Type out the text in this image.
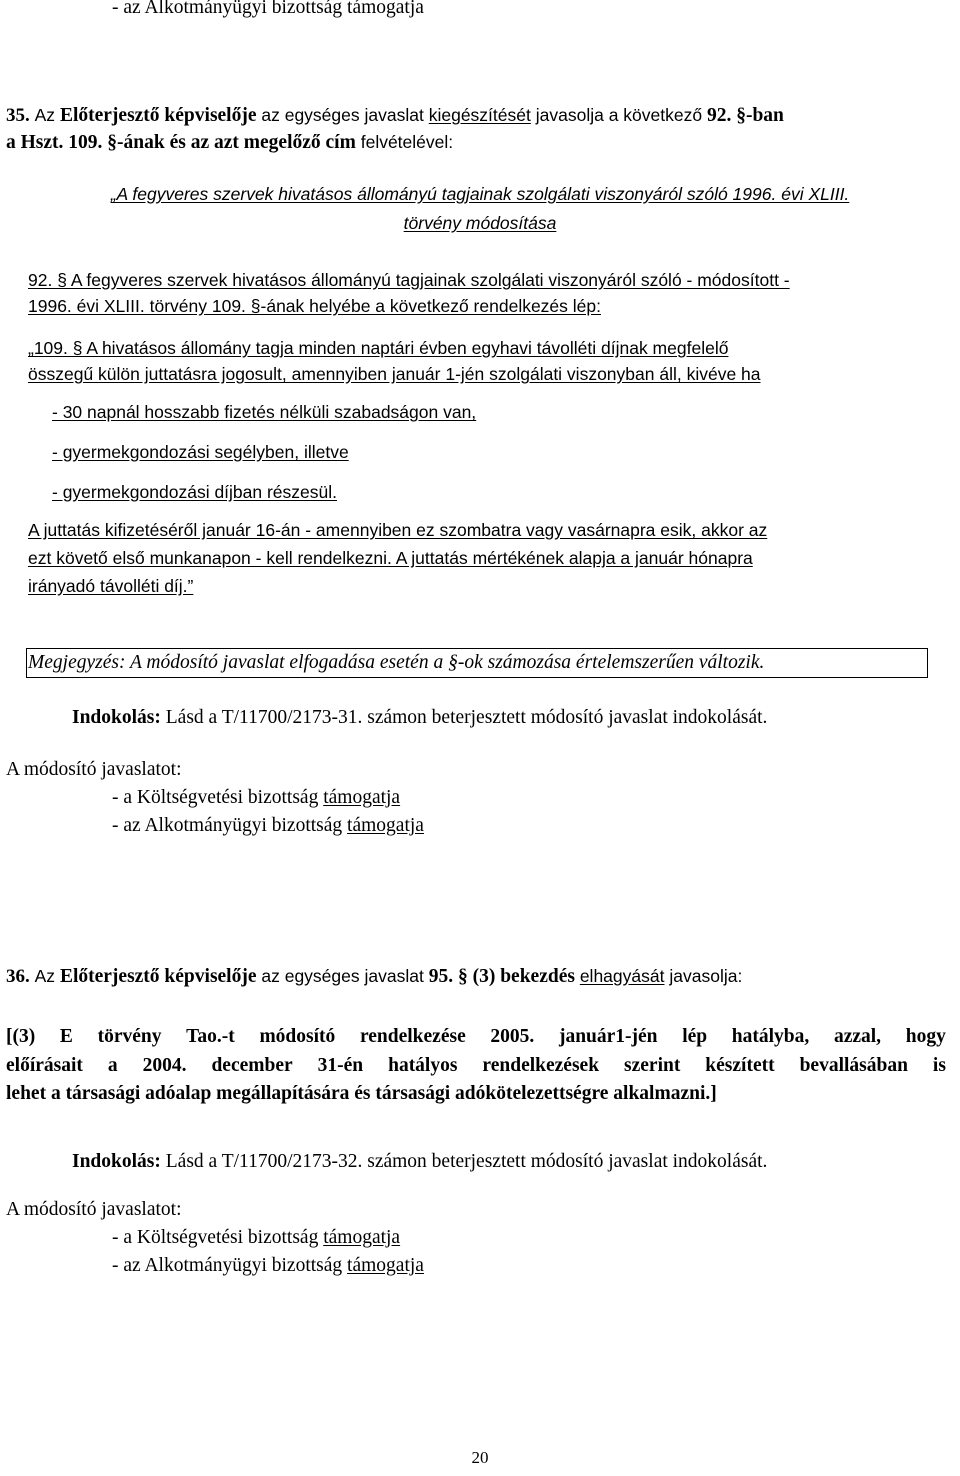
- az Alkotmányügyi bizottság támogatja
35. Az Előterjesztő képviselője az egységes javaslat kiegészítését javasolja a következő 92. §-ban
a Hszt. 109. §-ának és az azt megelőző cím felvételével:
„A fegyveres szervek hivatásos állományú tagjainak szolgálati viszonyáról szóló 1996. évi XLIII.
törvény módosítása
92. § A fegyveres szervek hivatásos állományú tagjainak szolgálati viszonyáról szóló - módosított -
1996. évi XLIII. törvény 109. §-ának helyébe a következő rendelkezés lép:
„109. § A hivatásos állomány tagja minden naptári évben egyhavi távolléti díjnak megfelelő
összegű külön juttatásra jogosult, amennyiben január 1-jén szolgálati viszonyban áll, kivéve ha
- 30 napnál hosszabb fizetés nélküli szabadságon van,
- gyermekgondozási segélyben, illetve
- gyermekgondozási díjban részesül.
A juttatás kifizetéséről január 16-án - amennyiben ez szombatra vagy vasárnapra esik, akkor az
ezt követő első munkanapon - kell rendelkezni. A juttatás mértékének alapja a január hónapra
irányadó távolléti díj.”
Megjegyzés: A módosító javaslat elfogadása esetén a §-ok számozása értelemszerűen változik.
Indokolás: Lásd a T/11700/2173-31. számon beterjesztett módosító javaslat indokolását.
A módosító javaslatot:
- a Költségvetési bizottság támogatja
- az Alkotmányügyi bizottság támogatja
36. Az Előterjesztő képviselője az egységes javaslat 95. § (3) bekezdés elhagyását javasolja:
[(3) E törvény Tao.-t módosító rendelkezése 2005. január1-jén lép hatályba, azzal, hogy
előírásait a 2004. december 31-én hatályos rendelkezések szerint készített bevallásában is
lehet a társasági adóalap megállapítására és társasági adókötelezettségre alkalmazni.]
Indokolás: Lásd a T/11700/2173-32. számon beterjesztett módosító javaslat indokolását.
A módosító javaslatot:
- a Költségvetési bizottság támogatja
- az Alkotmányügyi bizottság támogatja
20
